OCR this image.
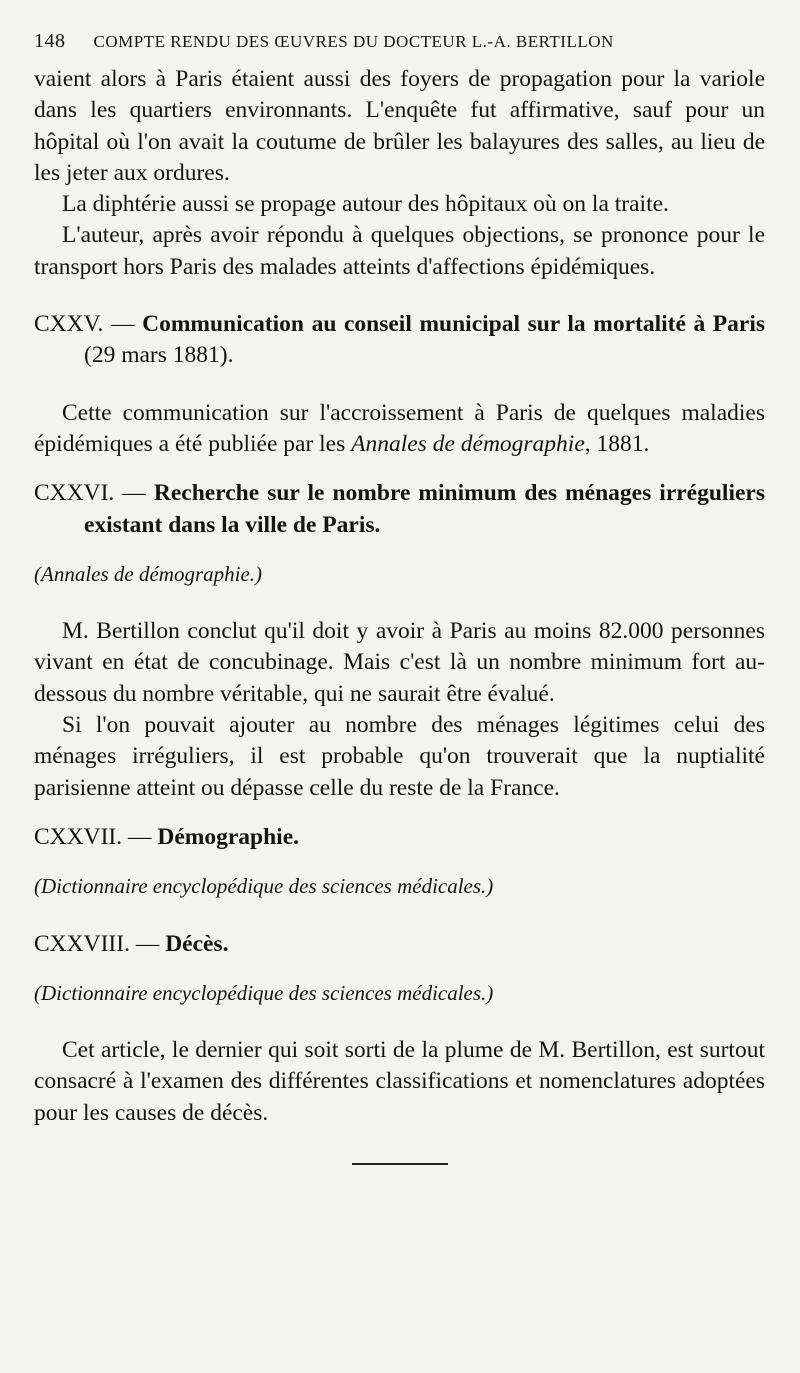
148 COMPTE RENDU DES ŒUVRES DU DOCTEUR L.-A. BERTILLON

vaient alors à Paris étaient aussi des foyers de propagation pour la variole dans les quartiers environnants. L'enquête fut affirmative, sauf pour un hôpital où l'on avait la coutume de brûler les balayures des salles, au lieu de les jeter aux ordures.

La diphtérie aussi se propage autour des hôpitaux où on la traite.

L'auteur, après avoir répondu à quelques objections, se prononce pour le transport hors Paris des malades atteints d'affections épidémiques.

CXXV. — Communication au conseil municipal sur la mortalité à Paris (29 mars 1881).

Cette communication sur l'accroissement à Paris de quelques maladies épidémiques a été publiée par les Annales de démographie, 1881.

CXXVI. — Recherche sur le nombre minimum des ménages irréguliers existant dans la ville de Paris.

(Annales de démographie.)

M. Bertillon conclut qu'il doit y avoir à Paris au moins 82.000 personnes vivant en état de concubinage. Mais c'est là un nombre minimum fort au-dessous du nombre véritable, qui ne saurait être évalué.

Si l'on pouvait ajouter au nombre des ménages légitimes celui des ménages irréguliers, il est probable qu'on trouverait que la nuptialité parisienne atteint ou dépasse celle du reste de la France.

CXXVII. — Démographie.

(Dictionnaire encyclopédique des sciences médicales.)

CXXVIII. — Décès.

(Dictionnaire encyclopédique des sciences médicales.)

Cet article, le dernier qui soit sorti de la plume de M. Bertillon, est surtout consacré à l'examen des différentes classifications et nomenclatures adoptées pour les causes de décès.
